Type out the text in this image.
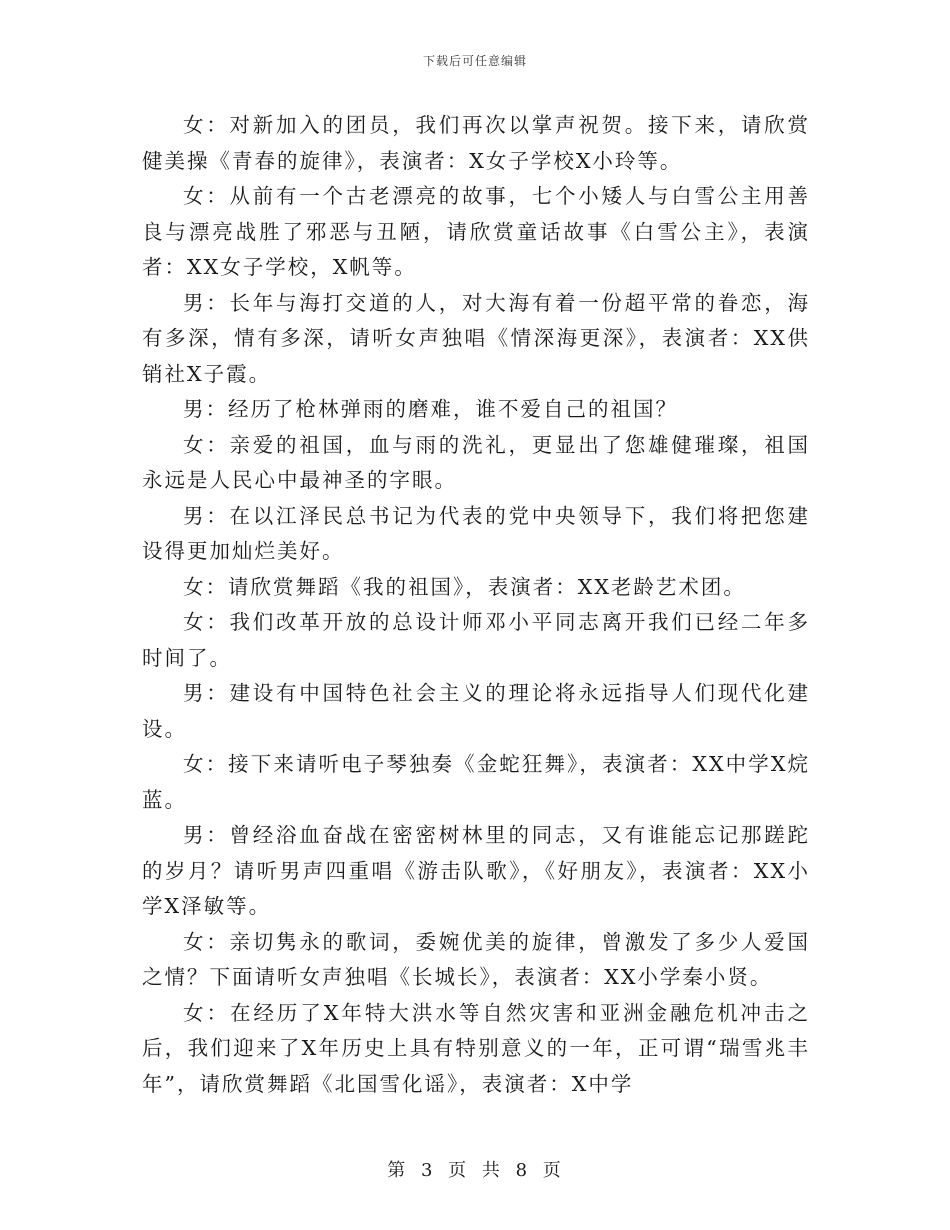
下载后可任意编辑

女：对新加入的团员，我们再次以掌声祝贺。接下来，请欣赏健美操《青春的旋律》，表演者：X女子学校X小玲等。

女：从前有一个古老漂亮的故事，七个小矮人与白雪公主用善良与漂亮战胜了邪恶与丑陋，请欣赏童话故事《白雪公主》，表演者：XX女子学校，X帆等。

男：长年与海打交道的人，对大海有着一份超平常的眷恋，海有多深，情有多深，请听女声独唱《情深海更深》，表演者：XX供销社X子霞。

男：经历了枪林弹雨的磨难，谁不爱自己的祖国？

女：亲爱的祖国，血与雨的洗礼，更显出了您雄健璀璨，祖国永远是人民心中最神圣的字眼。

男：在以江泽民总书记为代表的党中央领导下，我们将把您建设得更加灿烂美好。

女：请欣赏舞蹈《我的祖国》，表演者：XX老龄艺术团。

女：我们改革开放的总设计师邓小平同志离开我们已经二年多时间了。

男：建设有中国特色社会主义的理论将永远指导人们现代化建设。

女：接下来请听电子琴独奏《金蛇狂舞》，表演者：XX中学X烷蓝。

男：曾经浴血奋战在密密树林里的同志，又有谁能忘记那蹉跎的岁月？请听男声四重唱《游击队歌》，《好朋友》，表演者：XX小学X泽敏等。

女：亲切隽永的歌词，委婉优美的旋律，曾激发了多少人爱国之情？下面请听女声独唱《长城长》，表演者：XX小学秦小贤。

女：在经历了X年特大洪水等自然灾害和亚洲金融危机冲击之后，我们迎来了X年历史上具有特别意义的一年，正可谓“瑞雪兆丰年”，请欣赏舞蹈《北国雪化谣》，表演者：X中学

第 3 页 共 8 页
